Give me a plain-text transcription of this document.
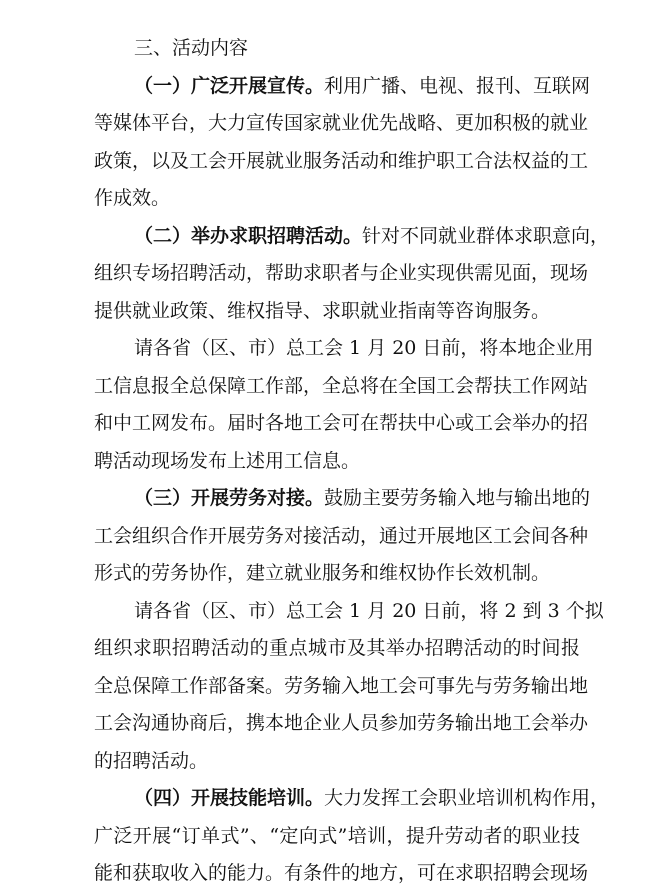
三、活动内容
（一）广泛开展宣传。利用广播、电视、报刊、互联网
等媒体平台，大力宣传国家就业优先战略、更加积极的就业
政策，以及工会开展就业服务活动和维护职工合法权益的工
作成效。
（二）举办求职招聘活动。针对不同就业群体求职意向，
组织专场招聘活动，帮助求职者与企业实现供需见面，现场
提供就业政策、维权指导、求职就业指南等咨询服务。
请各省（区、市）总工会 1 月 20 日前，将本地企业用
工信息报全总保障工作部，全总将在全国工会帮扶工作网站
和中工网发布。届时各地工会可在帮扶中心或工会举办的招
聘活动现场发布上述用工信息。
（三）开展劳务对接。鼓励主要劳务输入地与输出地的
工会组织合作开展劳务对接活动，通过开展地区工会间各种
形式的劳务协作，建立就业服务和维权协作长效机制。
请各省（区、市）总工会 1 月 20 日前，将 2 到 3 个拟
组织求职招聘活动的重点城市及其举办招聘活动的时间报
全总保障工作部备案。劳务输入地工会可事先与劳务输出地
工会沟通协商后，携本地企业人员参加劳务输出地工会举办
的招聘活动。
（四）开展技能培训。大力发挥工会职业培训机构作用，
广泛开展“订单式”、“定向式”培训，提升劳动者的职业技
能和获取收入的能力。有条件的地方，可在求职招聘会现场
